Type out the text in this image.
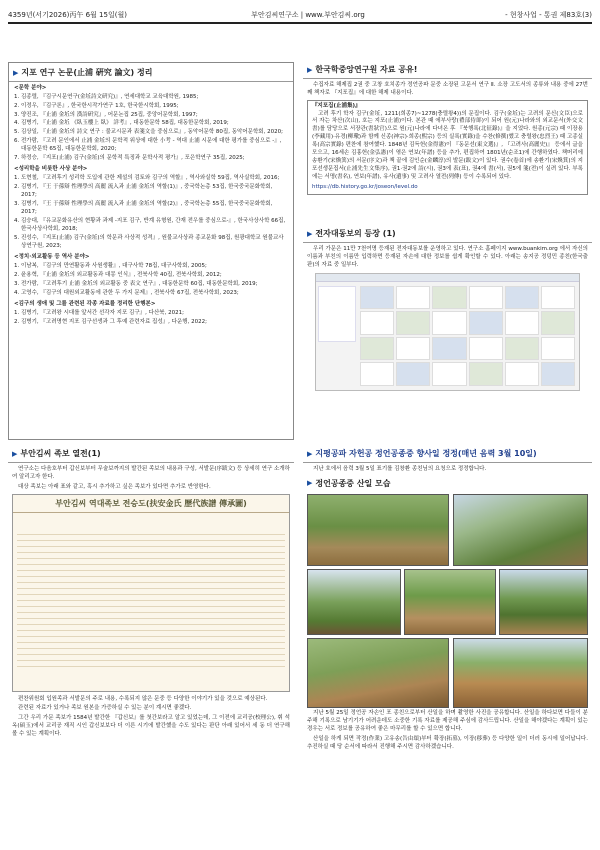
4359년(서기2026)丙午 6월 15일(월)	부안김씨연구소 | www.부안김씨.org	- 현창사업 - 통권 제83호(3)
▶ 지포 연구 논문(止浦 硏究 論文) 정리
<문학 분야>
1. 김종렬, 『김구시문연구(金坵詩文硏究)』, 연세대학교 교육대학원, 1985;
2. 이정우, 『김구론』, 한국한시작가연구 1호, 한국한시학회, 1995;
3. 양진조, 『止浦 金坵의 漢詩硏究』, 어문논집 25집, 중앙어문학회, 1997;
4. 김병기, 『止浦 金坵 《臥玉樓上 臥》 詳考』, 대동한문학 58집, 대동한문학회, 2019;
5. 김상일, 『止浦 金坵의 詩文 연구 : 불교시문과 表箋文을 중심으로』, 동악어문학 80집, 동악어문학회, 2020;
6. 전가람, 『고려 문인에서 止浦 金坵의 문학적 위상에 대한 小考 - 역대 止浦 시문에 대한 평가를 중심으로 -』, 대동한문학 65집, 대동한문학회, 2020;
7. 하정승, 『지포(止浦) 김구(金坵)의 문학적 특징과 문학사적 평가』, 포은학연구 35집, 2025;
<성리학을 비롯한 사상 분야>
1. 도현철, 『고려후기 성리학 도입에 관한 제설의 검토와 김구의 역할』, 역사와실학 59집, 역사실학회, 2016;
2. 김병기, 『王 于孫辯 性理學의 高麗 流入과 止浦 金坵의 역할(1)』, 중국학논총 53집, 한국중국문화학회, 2017;
3. 김병기, 『王 于孫辯 性理學의 高麗 流入과 止浦 金坵의 역할(2)』, 중국학논총 55집, 한국중국문화학회, 2017;
4. 김승대, 『유교문화유산의 현황과 과제 -지포 김구, 반계 유형원, 간재 전우를 중심으로-』, 한국사상사학 66집, 한국사상사학회, 2018;
5. 진성수, 『지포(止浦) 김구(金坵)의 학문과 사상적 성격』, 원불교사상과 종교문화 98집, 원광대학교 원불교사상연구원, 2023;
<정치·외교활동 등 역사 분야>
1. 이남복, 『김구의 만연활동과 사원생활』, 대구사학 78집, 대구사학회, 2005;
2. 윤용혁, 『止浦 金坵의 외교활동과 대몽 인식』, 전북사학 40집, 전북사학회, 2012;
3. 전가람, 『고려후기 止浦 金坵의 외교활동 중 表文 연구』, 대동한문학 60집, 대동한문학회, 2019;
4. 고영수, 『김구의 대원외교활동에 관한 두 가지 문제』, 전북사학 67집, 전북사학회, 2023;
<김구의 생애 및 그를 관련된 각종 자료를 정리한 단행본>
1. 김병기, 『고려왕 시대를 앞서간 선각자 지포 김구』, 다산북, 2021;
2. 김병기, 『고려명현 지포 김구선생과 그 후예 관련자료 집성』, 다운행, 2022;
▶ 한국학중앙연구원 자료 공유!

수집자료 해제집 2권 중 고창 호치종가 정언공파 문중 소장된 고문서 연구 Ⅱ. 소장 고도서의 종류와 내용 중에 27번째 책자로 『지포집』에 대한 해제 내용이다.

『지포집(止浦集)』

고려 후기 학자 김구(金坵, 1211(희종7)~1278(충렬왕4))의 문집이다. 김구(金坵)는 고려의 문신(文臣)으로서 자는 차산(次山), 호는 지포(止浦)이다. 본관 때 에부사랑(禮部侍郞)이 되어 원(元)나라와의 외교문서(外交文書)를 담당으로 서장관(書狀官)으로 원(元)나라에 다녀온 후 『북행록(北征錄)』을 지었다. 원종(元宗) 때 이장용(李藏用)·유경(柳璥)과 함께 신종(神宗)·희종(熙宗) 등의 실록(實錄)을 수찬(修撰)했고 충렬왕(忠烈王) 때 고종실록(高宗實錄) 편찬에 참여했다. 1848년 김득헌(金得憲)이 『동문선(東文選)』, 『고려사(高麗史)』 등에서 글을 모으고, 16세손 김홍헌(金弘憲)이 엮은 연보(年譜) 등을 추가, 편집하여 1801년(순조1)에 간행하였다. 책머리에 송환기(宋煥箕)의 서문(序文)과 책 끝에 김인순(金麟淳)의 발문(跋文)이 있다. 권수(卷首)에 송환기(宋煥箕)의 지포선생문집서(止浦先生文集序), 권1·권2에 詩(시), 권3에 表(표), 권4에 書(서), 권5에 箋(전)이 실려 있다. 부록에는 서명(書名), 연보(年譜), 유사(遺事) 및 고려사 열전(列傳) 등이 수록되어 있다.

https://db.history.go.kr/joseon/level.do
▶ 전자대동보의 등장 (1)

우리 가문은 11만 7천여명 등재된 전자대동보를 운영하고 있다. 연구소 홈페이지 www.buankim.org 에서 자신의 이름과 부친의 이름만 입력하면 등재된 자손에 대한 정보를 쉽게 확인할 수 있다. 아래는 송지공 정덩민 종친(한국출판)의 자료 중 일부다.

▶ 부안김씨 족보 열전(1)

연구소는 다음호부터 갑신보부터 무술보까지의 발간된 족보의 내용과 구성, 서발문(序跋文) 등 상세히 연구 소개하여 알리고자 한다.

대상 족보는 아래 표와 같고, 혹시 추가하고 싶은 족보가 있다면 추가로 반영한다.

부안김씨 역대족보 전승도(扶安金氏 歷代族譜 傳承圖)

편찬위원회 입원족과 서발문의 주로 내용, 수록되지 않은 문중 등 다양한 이야기가 있을 것으로 예상된다.

관련된 자료가 있거나 족보 원본을 가증하실 수 있는 분이 계시면 좋겠다.

그간 우리 가문 족보가 1584년 발간한 『갑신보』를 첫간보라고 알고 있었는데, 그 이전에 교리공(校理公), 휘 석옥(碩玉)에서 교리공 재직 시인 갑신보보다 더 이른 시기에 발간했을 수도 있다는 판단 아래 있어서 세 동 더 연구해 볼 수 있는 계획이다.

▶ 지평공파 자헌공 정언공종중 향사일 정정(매년 음력 3월 10일)

지난 호에서 음력 3월 5일 표기를 김창환 종친님의 요청으로 정정합니다.

▶ 정언공종중 산일 모습

지난 5월 25일 정언공 자손인 포 종친으로부터 산일을 하며 촬영한 사진을 공유합니다. 산일을 하다보면 다들이 분주해 기록으로 남기기가 어려운데도 소중한 기록 자료를 제공해 주심에 감사드립니다. 산일을 해야겠다는 계획이 있는 경우는 서로 정보를 공유하여 좋은 마무리를 할 수 있으면 합니다.

산일을 하게 되면 작정(作業) 고유송(告由頌)부터 확장(拓墓), 이장(移葬) 등 다양한 일이 더러 동시에 일어납니다. 추진하실 때 당 순서에 따라서 진행해 주시면 감사하겠습니다.
